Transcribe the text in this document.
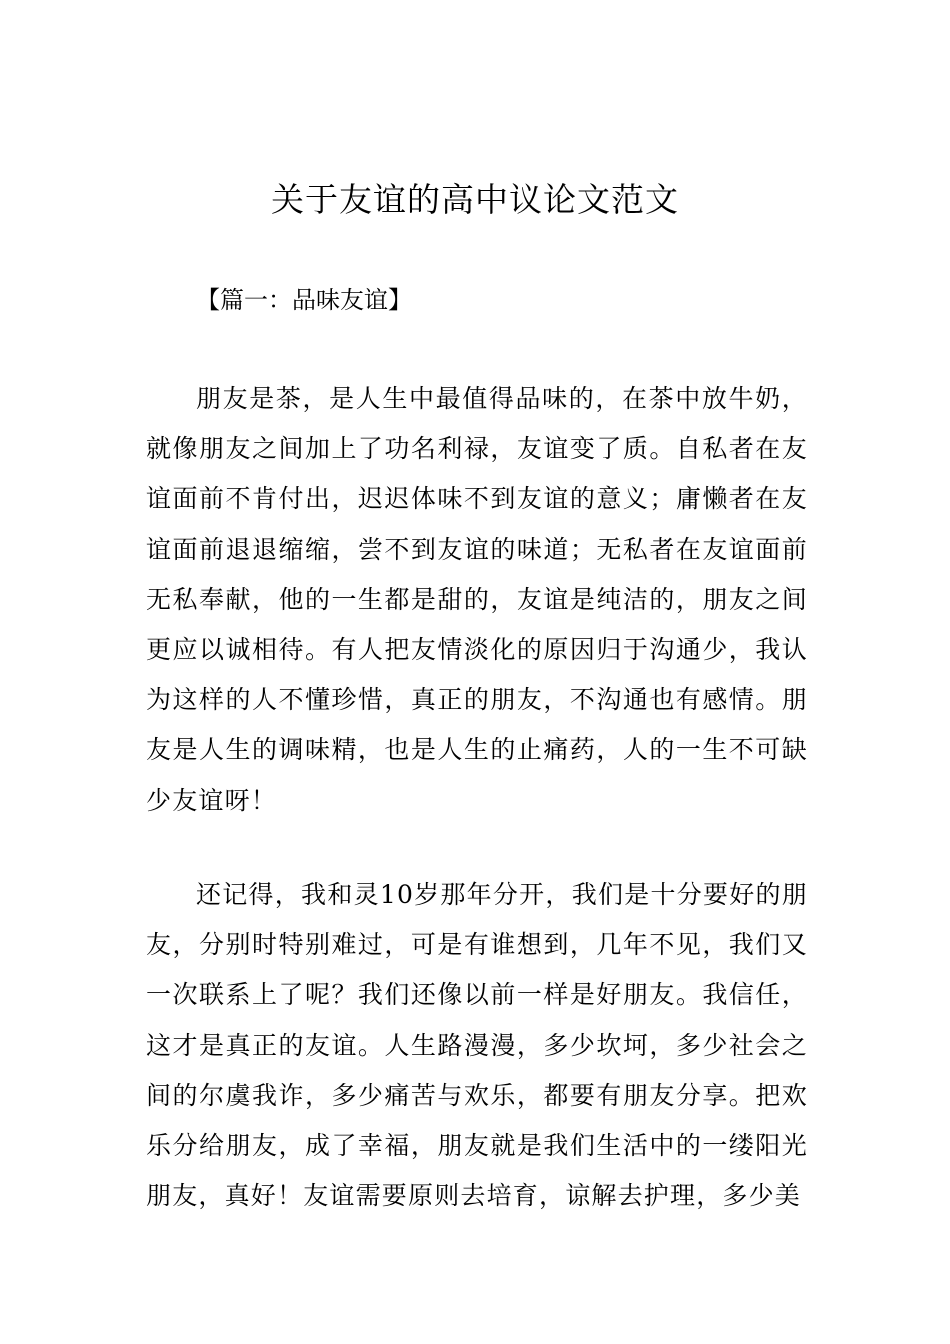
关于友谊的高中议论文范文
【篇一：品味友谊】

朋友是茶，是人生中最值得品味的，在茶中放牛奶，就像朋友之间加上了功名利禄，友谊变了质。自私者在友谊面前不肯付出，迟迟体味不到友谊的意义；庸懒者在友谊面前退退缩缩，尝不到友谊的味道；无私者在友谊面前无私奉献，他的一生都是甜的，友谊是纯洁的，朋友之间更应以诚相待。有人把友情淡化的原因归于沟通少，我认为这样的人不懂珍惜，真正的朋友，不沟通也有感情。朋友是人生的调味精，也是人生的止痛药，人的一生不可缺少友谊呀！

还记得，我和灵10岁那年分开，我们是十分要好的朋友，分别时特别难过，可是有谁想到，几年不见，我们又一次联系上了呢？我们还像以前一样是好朋友。我信任，这才是真正的友谊。人生路漫漫，多少坎坷，多少社会之间的尔虞我诈，多少痛苦与欢乐，都要有朋友分享。把欢乐分给朋友，成了幸福，朋友就是我们生活中的一缕阳光朋友，真好！友谊需要原则去培育，谅解去护理，多少美
